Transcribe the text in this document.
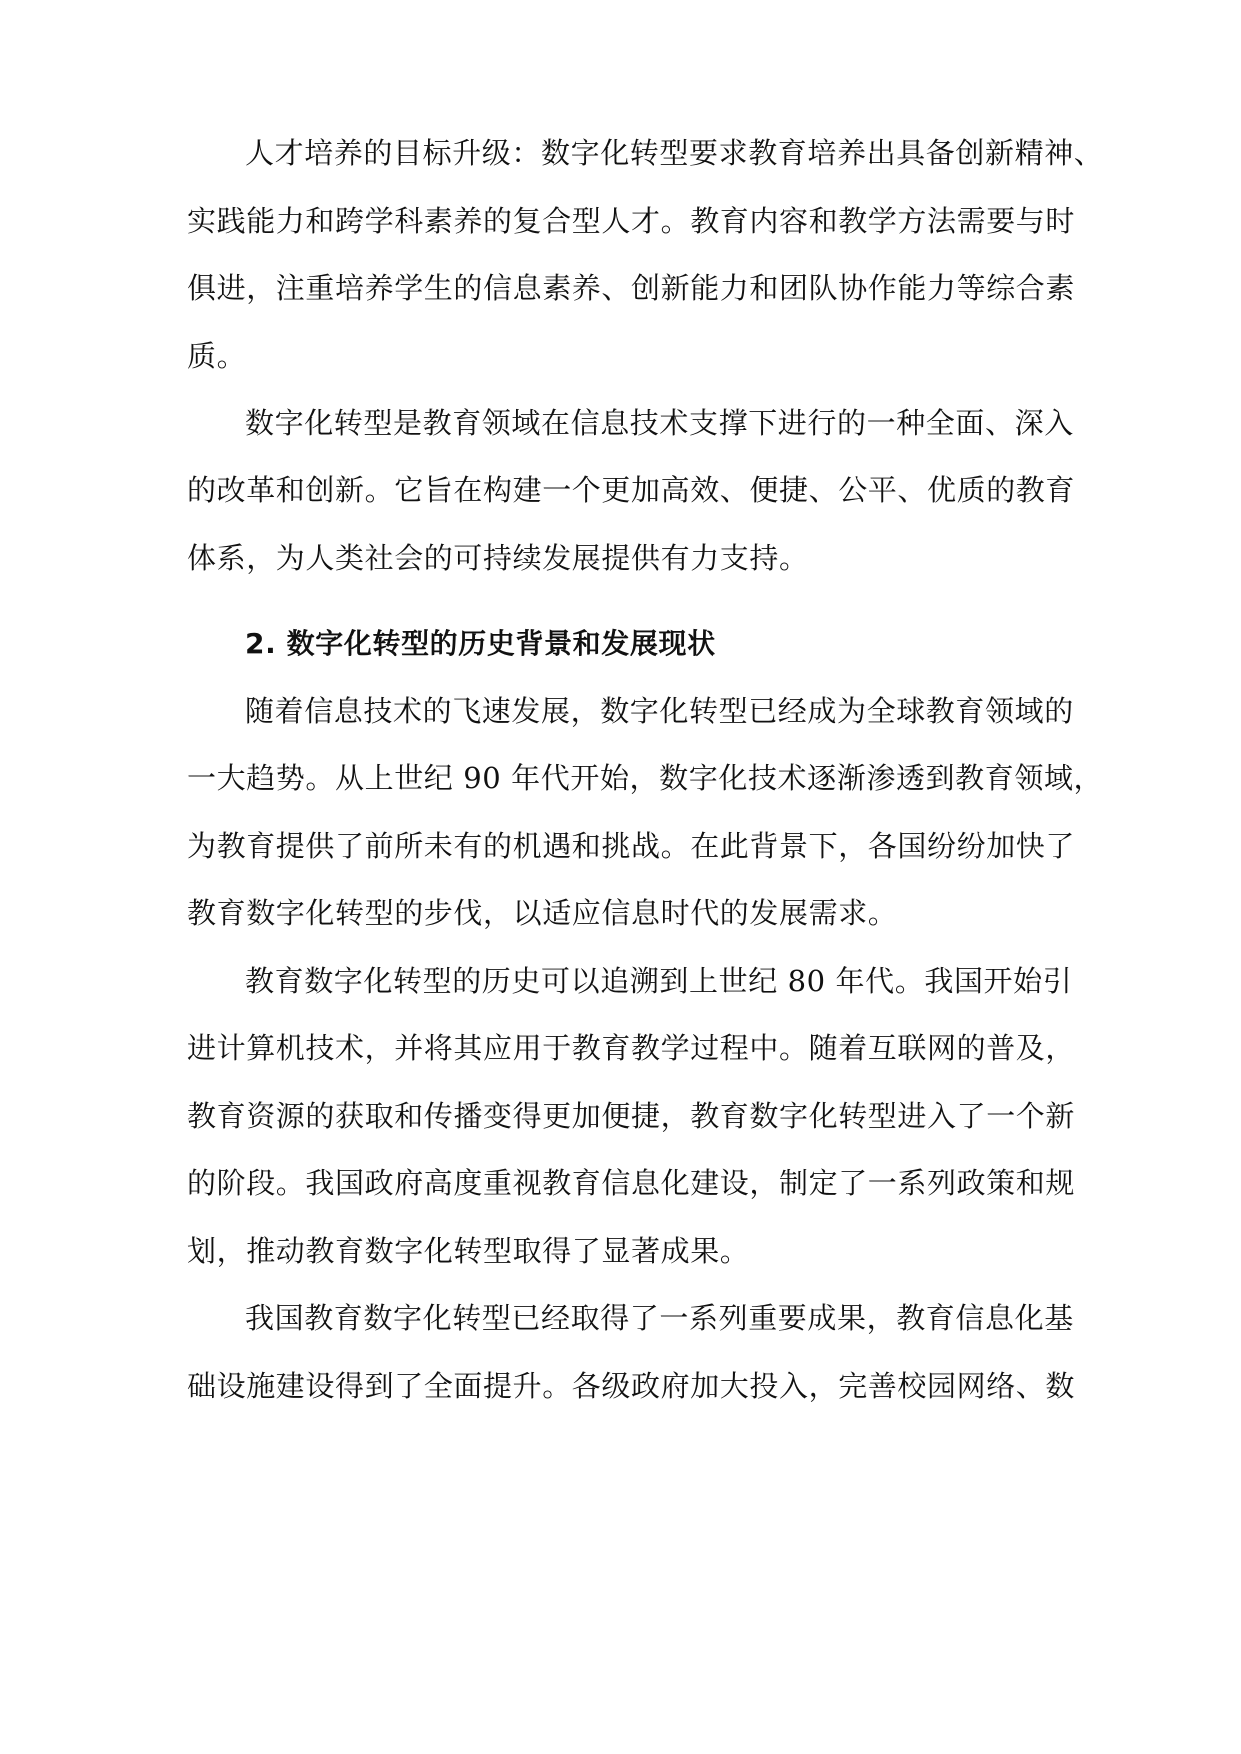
人才培养的目标升级：数字化转型要求教育培养出具备创新精神、
实践能力和跨学科素养的复合型人才。教育内容和教学方法需要与时
俱进，注重培养学生的信息素养、创新能力和团队协作能力等综合素
质。
数字化转型是教育领域在信息技术支撑下进行的一种全面、深入
的改革和创新。它旨在构建一个更加高效、便捷、公平、优质的教育
体系，为人类社会的可持续发展提供有力支持。
2. 数字化转型的历史背景和发展现状
随着信息技术的飞速发展，数字化转型已经成为全球教育领域的
一大趋势。从上世纪 90 年代开始，数字化技术逐渐渗透到教育领域，
为教育提供了前所未有的机遇和挑战。在此背景下，各国纷纷加快了
教育数字化转型的步伐，以适应信息时代的发展需求。
教育数字化转型的历史可以追溯到上世纪 80 年代。我国开始引
进计算机技术，并将其应用于教育教学过程中。随着互联网的普及，
教育资源的获取和传播变得更加便捷，教育数字化转型进入了一个新
的阶段。我国政府高度重视教育信息化建设，制定了一系列政策和规
划，推动教育数字化转型取得了显著成果。
我国教育数字化转型已经取得了一系列重要成果，教育信息化基
础设施建设得到了全面提升。各级政府加大投入，完善校园网络、数
